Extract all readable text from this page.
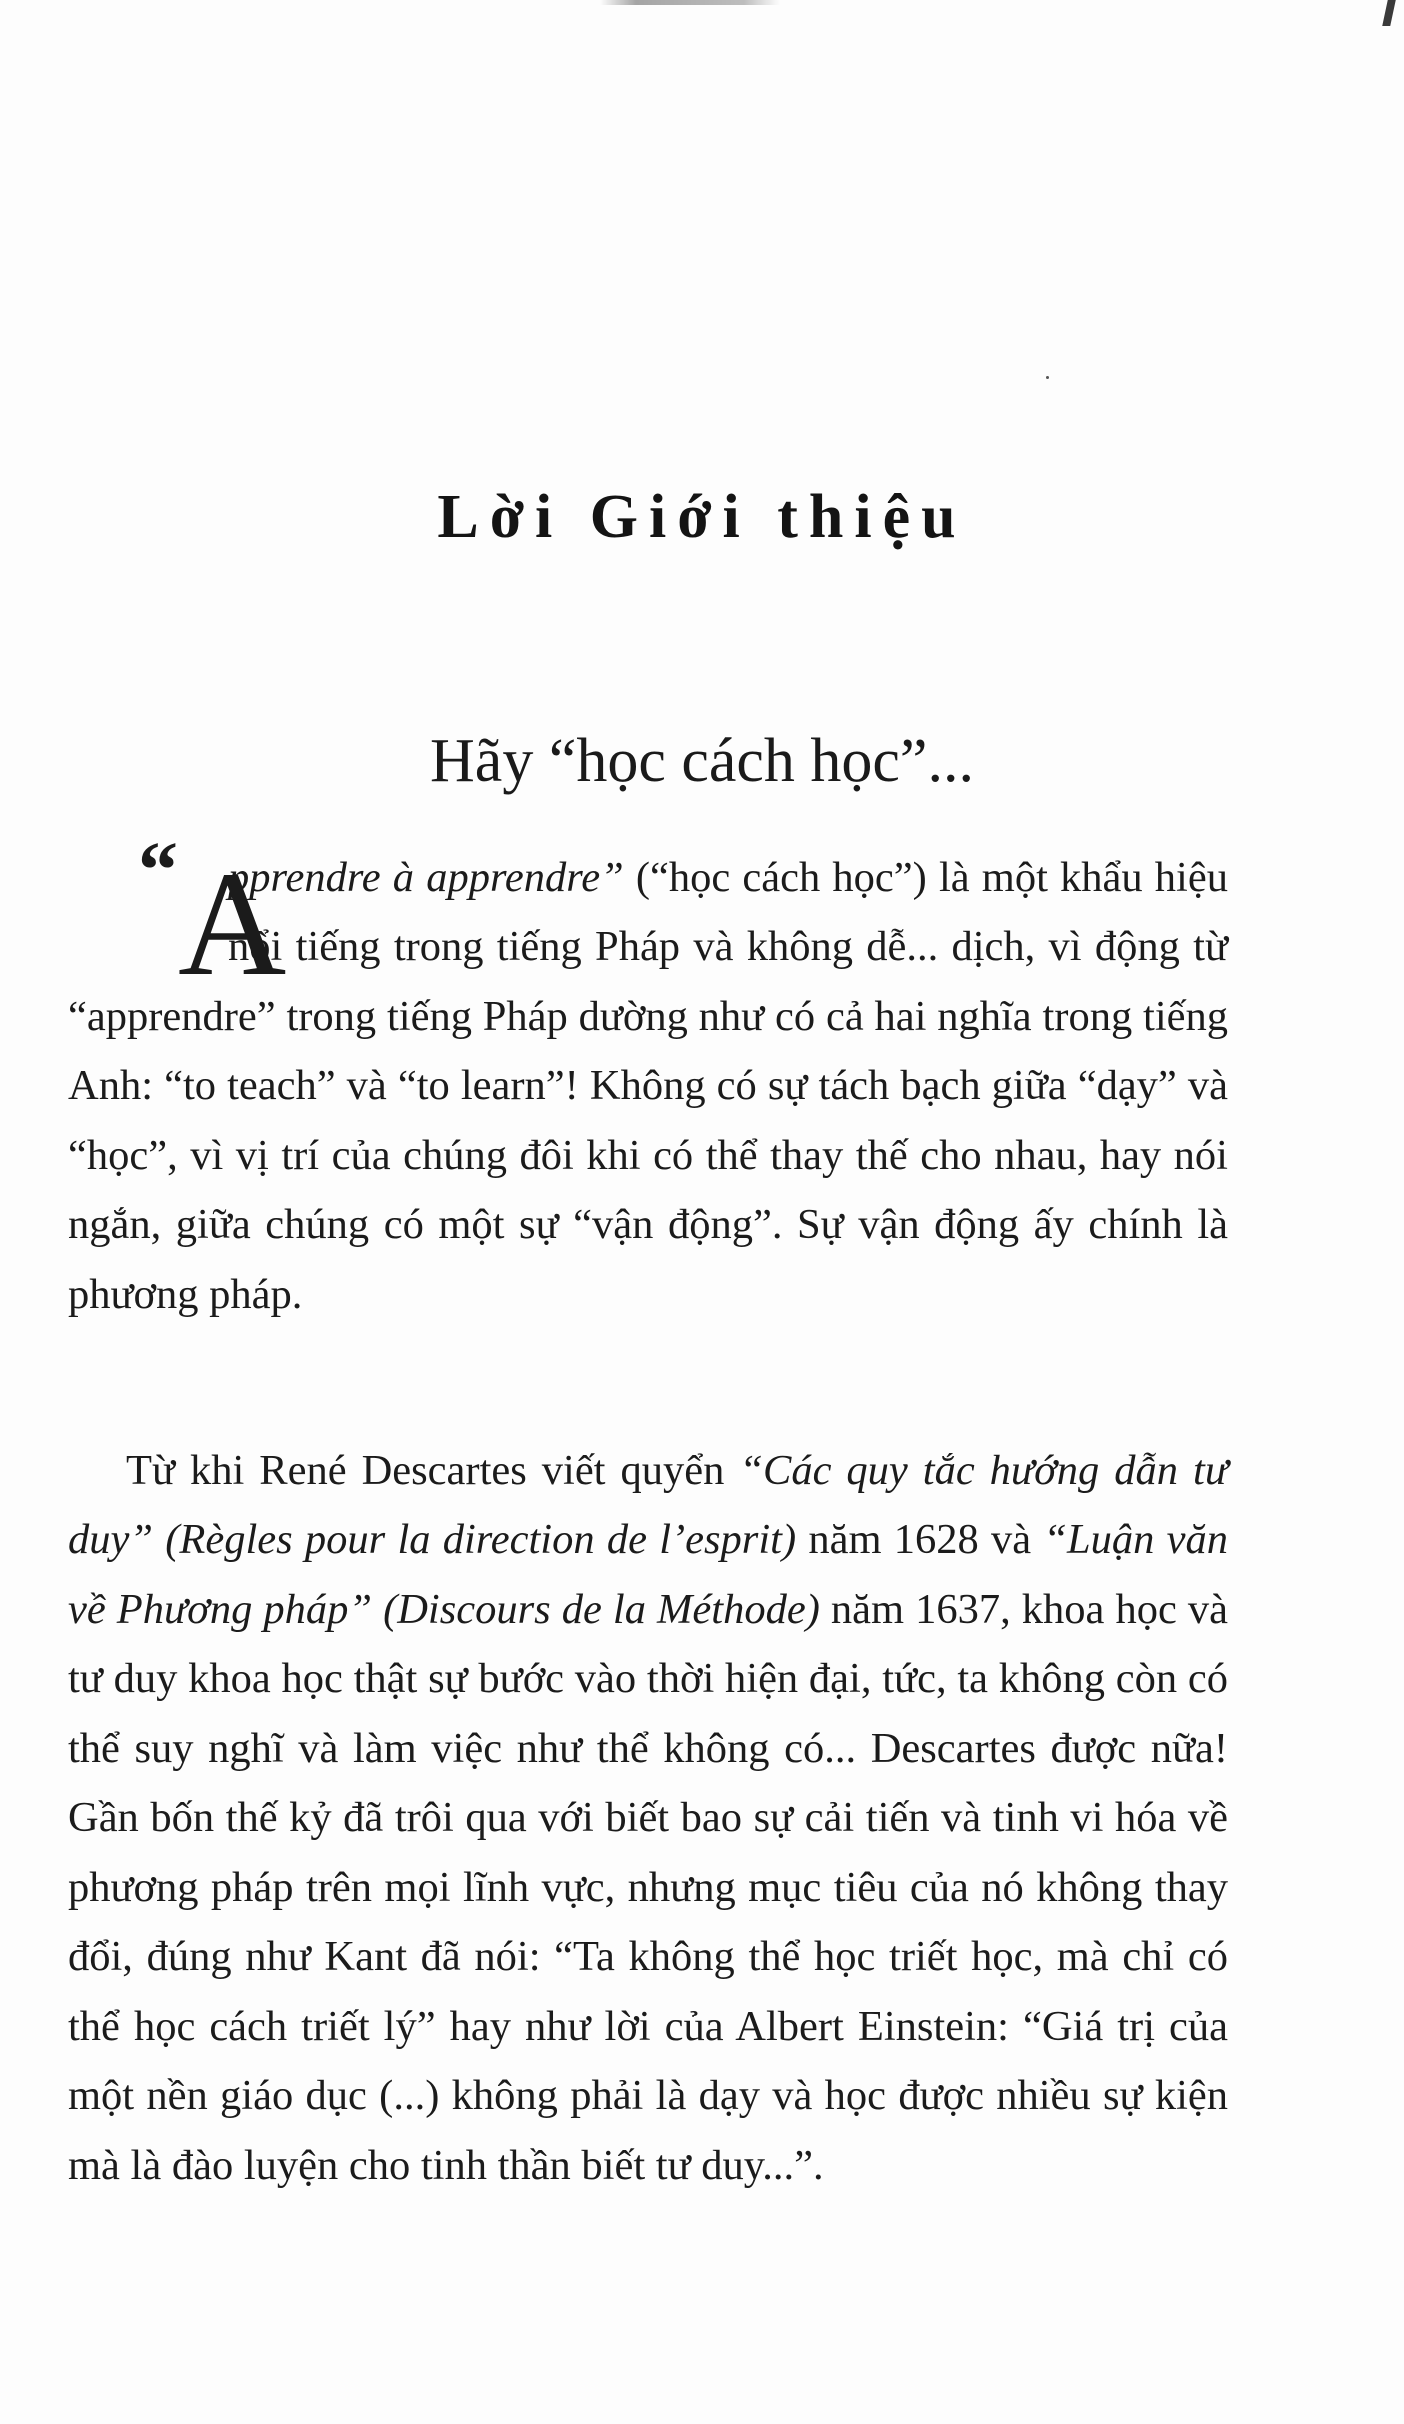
Lời Giới thiệu
Hãy “học cách học”...

“ A
pprendre à apprendre” (“học cách học”) là một khẩu hiệu nổi tiếng trong tiếng Pháp và không dễ... dịch, vì động từ “apprendre” trong tiếng Pháp dường như có cả hai nghĩa trong tiếng Anh: “to teach” và “to learn”! Không có sự tách bạch giữa “dạy” và “học”, vì vị trí của chúng đôi khi có thể thay thế cho nhau, hay nói ngắn, giữa chúng có một sự “vận động”. Sự vận động ấy chính là phương pháp.

Từ khi René Descartes viết quyển “Các quy tắc hướng dẫn tư duy” (Règles pour la direction de l’esprit) năm 1628 và “Luận văn về Phương pháp” (Discours de la Méthode) năm 1637, khoa học và tư duy khoa học thật sự bước vào thời hiện đại, tức, ta không còn có thể suy nghĩ và làm việc như thể không có... Descartes được nữa! Gần bốn thế kỷ đã trôi qua với biết bao sự cải tiến và tinh vi hóa về phương pháp trên mọi lĩnh vực, nhưng mục tiêu của nó không thay đổi, đúng như Kant đã nói: “Ta không thể học triết học, mà chỉ có thể học cách triết lý” hay như lời của Albert Einstein: “Giá trị của một nền giáo dục (...) không phải là dạy và học được nhiều sự kiện mà là đào luyện cho tinh thần biết tư duy...”.
